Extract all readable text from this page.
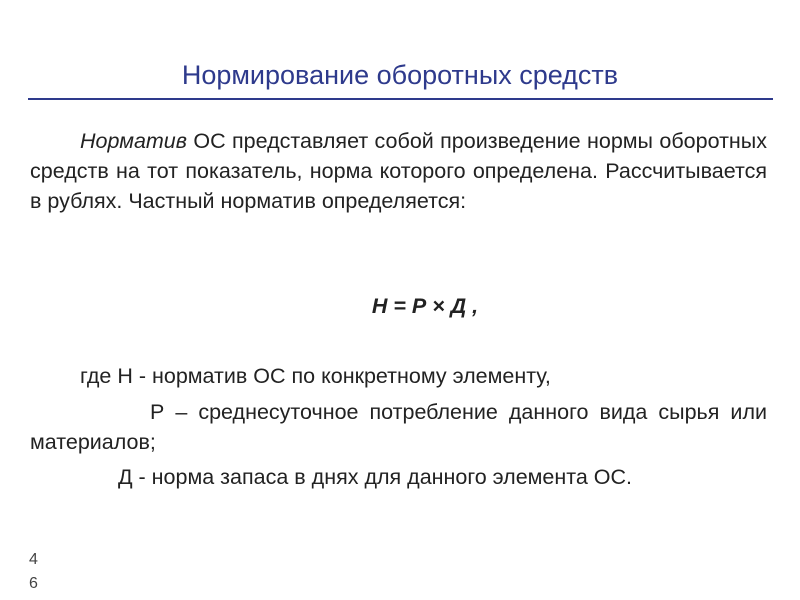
Нормирование оборотных средств

Норматив ОС представляет собой произведение нормы оборотных средств на тот показатель, норма которого определена. Рассчитывается в рублях. Частный норматив определяется:

Н = Р × Д ,

где Н - норматив ОС по конкретному элементу,

Р – среднесуточное потребление данного вида сырья или материалов;

Д - норма запаса в днях для данного элемента ОС.

46
